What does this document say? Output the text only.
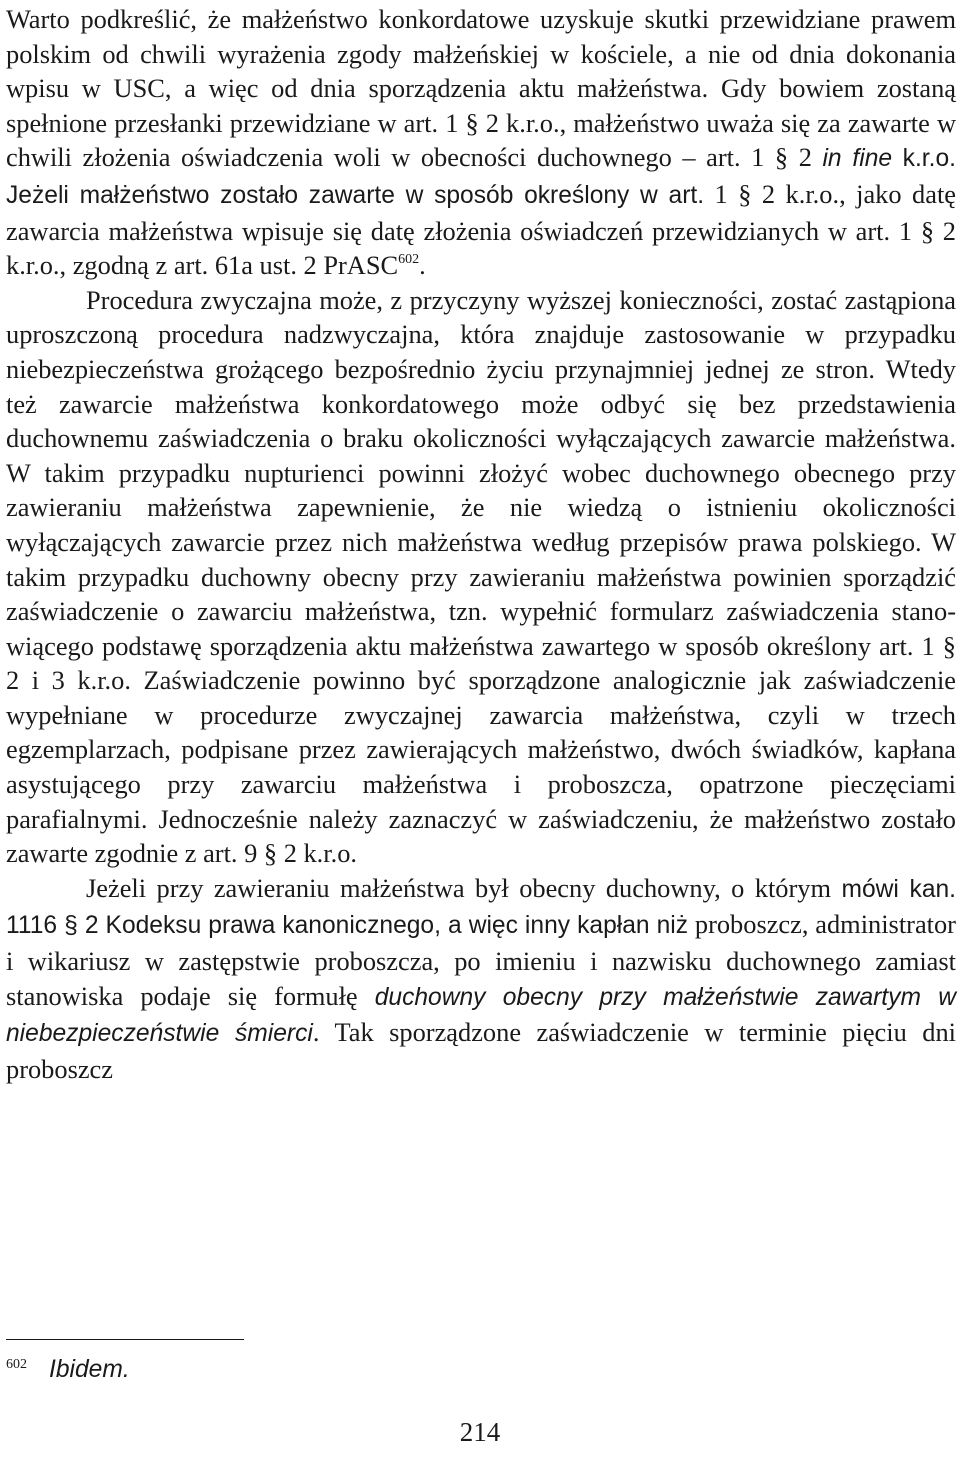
Warto podkreślić, że małżeństwo konkordatowe uzyskuje skutki przewidziane prawem polskim od chwili wyrażenia zgody małżeńskiej w kościele, a nie od dnia dokonania wpisu w USC, a więc od dnia sporządzenia aktu małżeństwa. Gdy bowiem zostaną spełnione przesłanki przewidziane w art. 1 § 2 k.r.o., małżeństwo uważa się za zawarte w chwili złożenia oświadczenia woli w obecności duchownego – art. 1 § 2 in fine k.r.o. Jeżeli małżeństwo zostało zawarte w sposób określony w art. 1 § 2 k.r.o., jako datę zawarcia małżeństwa wpisuje się datę złożenia oświadczeń przewidzianych w art. 1 § 2 k.r.o., zgodną z art. 61a ust. 2 PrASC$^{602}$.

Procedura zwyczajna może, z przyczyny wyższej konieczności, zostać zastąpiona uproszczoną procedura nadzwyczajna, która znajduje zastosowanie w przypadku niebezpieczeństwa grożącego bezpośrednio życiu przynajmniej jednej ze stron. Wtedy też zawarcie małżeństwa konkordatowego może odbyć się bez przedstawienia duchownemu zaświadczenia o braku okoliczności wyłączających zawarcie małżeństwa. W takim przypadku nupturienci powinni złożyć wobec duchownego obecnego przy zawieraniu małżeństwa zapewnienie, że nie wiedzą o istnieniu okoliczności wyłączających zawarcie przez nich małżeństwa według przepisów prawa polskiego. W takim przypadku duchowny obecny przy zawieraniu małżeństwa powinien sporządzić zaświadczenie o zawarciu małżeństwa, tzn. wypełnić formularz zaświadczenia stano-wiącego podstawę sporządzenia aktu małżeństwa zawartego w sposób określony art. 1 § 2 i 3 k.r.o. Zaświadczenie powinno być sporządzone analogicznie jak zaświadczenie wypełniane w procedurze zwyczajnej zawarcia małżeństwa, czyli w trzech egzemplarzach, podpisane przez zawierających małżeństwo, dwóch świadków, kapłana asystującego przy zawarciu małżeństwa i proboszcza, opatrzone pieczęciami parafialnymi. Jednocześnie należy zaznaczyć w zaświadczeniu, że małżeństwo zostało zawarte zgodnie z art. 9 § 2 k.r.o.

Jeżeli przy zawieraniu małżeństwa był obecny duchowny, o którym mówi kan. 1116 § 2 Kodeksu prawa kanonicznego, a więc inny kapłan niż proboszcz, administrator i wikariusz w zastępstwie proboszcza, po imieniu i nazwisku duchownego zamiast stanowiska podaje się formułę duchowny obecny przy małżeństwie zawartym w niebezpieczeństwie śmierci. Tak sporządzone zaświadczenie w terminie pięciu dni proboszcz

$^{602}$ Ibidem.
214
